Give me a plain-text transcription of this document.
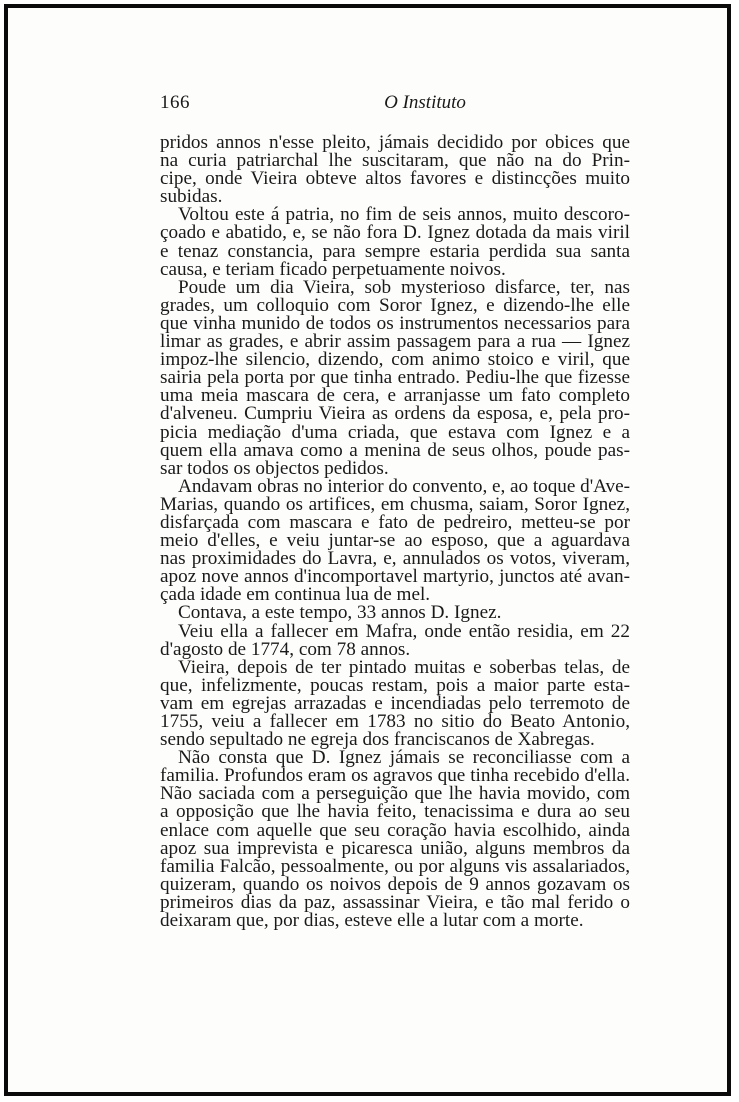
166	O Instituto
pridos annos n'esse pleito, jámais decidido por obices que
na curia patriarchal lhe suscitaram, que não na do Prin-
cipe, onde Vieira obteve altos favores e distincções muito
subidas.
Voltou este á patria, no fim de seis annos, muito descoro-
çoado e abatido, e, se não fora D. Ignez dotada da mais viril
e tenaz constancia, para sempre estaria perdida sua santa
causa, e teriam ficado perpetuamente noivos.
Poude um dia Vieira, sob mysterioso disfarce, ter, nas
grades, um colloquio com Soror Ignez, e dizendo-lhe elle
que vinha munido de todos os instrumentos necessarios para
limar as grades, e abrir assim passagem para a rua — Ignez
impoz-lhe silencio, dizendo, com animo stoico e viril, que
sairia pela porta por que tinha entrado. Pediu-lhe que fizesse
uma meia mascara de cera, e arranjasse um fato completo
d'alveneu. Cumpriu Vieira as ordens da esposa, e, pela pro-
picia mediação d'uma criada, que estava com Ignez e a
quem ella amava como a menina de seus olhos, poude pas-
sar todos os objectos pedidos.
Andavam obras no interior do convento, e, ao toque d'Ave-
Marias, quando os artifices, em chusma, saiam, Soror Ignez,
disfarçada com mascara e fato de pedreiro, metteu-se por
meio d'elles, e veiu juntar-se ao esposo, que a aguardava
nas proximidades do Lavra, e, annulados os votos, viveram,
apoz nove annos d'incomportavel martyrio, junctos até avan-
çada idade em continua lua de mel.
Contava, a este tempo, 33 annos D. Ignez.
Veiu ella a fallecer em Mafra, onde então residia, em 22
d'agosto de 1774, com 78 annos.
Vieira, depois de ter pintado muitas e soberbas telas, de
que, infelizmente, poucas restam, pois a maior parte esta-
vam em egrejas arrazadas e incendiadas pelo terremoto de
1755, veiu a fallecer em 1783 no sitio do Beato Antonio,
sendo sepultado ne egreja dos franciscanos de Xabregas.
Não consta que D. Ignez jámais se reconciliasse com a
familia. Profundos eram os agravos que tinha recebido d'ella.
Não saciada com a perseguição que lhe havia movido, com
a opposição que lhe havia feito, tenacissima e dura ao seu
enlace com aquelle que seu coração havia escolhido, ainda
apoz sua imprevista e picaresca união, alguns membros da
familia Falcão, pessoalmente, ou por alguns vis assalariados,
quizeram, quando os noivos depois de 9 annos gozavam os
primeiros dias da paz, assassinar Vieira, e tão mal ferido o
deixaram que, por dias, esteve elle a lutar com a morte.
